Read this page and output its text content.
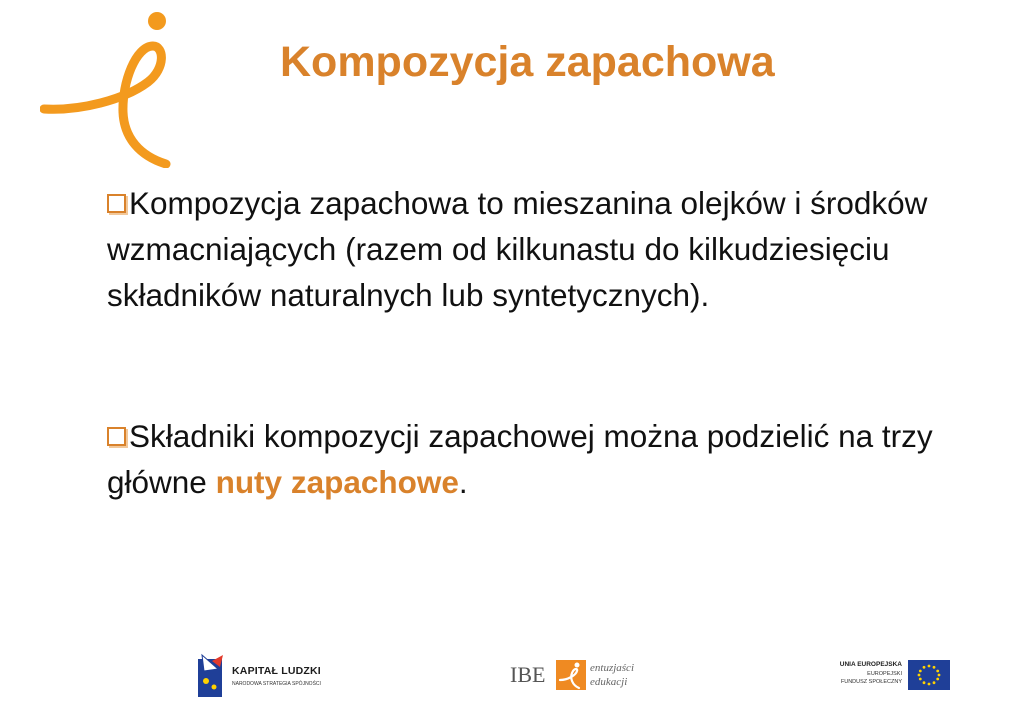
Kompozycja zapachowa
Kompozycja zapachowa to mieszanina olejków i środków wzmacniających (razem od kilkunastu do kilkudziesięciu składników naturalnych lub syntetycznych).
Składniki kompozycji zapachowej można podzielić na trzy główne nuty zapachowe.
KAPITAŁ LUDZKI
NARODOWA STRATEGIA SPÓJNOŚCI	IBE	entuzjaści
edukacji
UNIA EUROPEJSKA
EUROPEJSKI
FUNDUSZ SPOŁECZNY
